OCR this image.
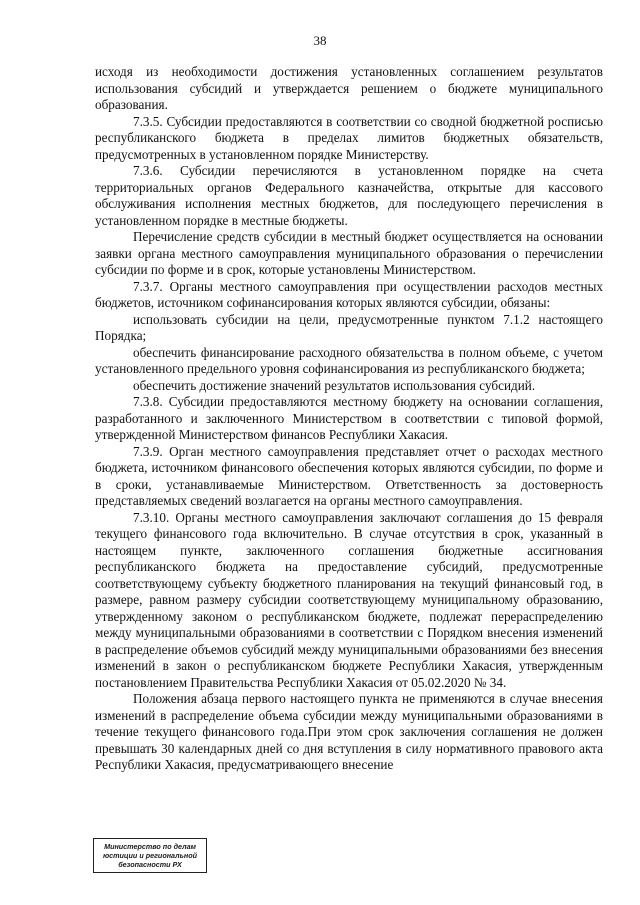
38

исходя из необходимости достижения установленных соглашением результатов использования субсидий и утверждается решением о бюджете муниципального образования.

7.3.5. Субсидии предоставляются в соответствии со сводной бюджетной росписью республиканского бюджета в пределах лимитов бюджетных обязательств, предусмотренных в установленном порядке Министерству.

7.3.6. Субсидии перечисляются в установленном порядке на счета территориальных органов Федерального казначейства, открытые для кассового обслуживания исполнения местных бюджетов, для последующего перечисления в установленном порядке в местные бюджеты.

Перечисление средств субсидии в местный бюджет осуществляется на основании заявки органа местного самоуправления муниципального образования о перечислении субсидии по форме и в срок, которые установлены Министерством.

7.3.7. Органы местного самоуправления при осуществлении расходов местных бюджетов, источником софинансирования которых являются субсидии, обязаны:

использовать субсидии на цели, предусмотренные пунктом 7.1.2 настоящего Порядка;

обеспечить финансирование расходного обязательства в полном объеме, с учетом установленного предельного уровня софинансирования из республиканского бюджета;

обеспечить достижение значений результатов использования субсидий.

7.3.8. Субсидии предоставляются местному бюджету на основании соглашения, разработанного и заключенного Министерством в соответствии с типовой формой, утвержденной Министерством финансов Республики Хакасия.

7.3.9. Орган местного самоуправления представляет отчет о расходах местного бюджета, источником финансового обеспечения которых являются субсидии, по форме и в сроки, устанавливаемые Министерством. Ответственность за достоверность представляемых сведений возлагается на органы местного самоуправления.

7.3.10. Органы местного самоуправления заключают соглашения до 15 февраля текущего финансового года включительно. В случае отсутствия в срок, указанный в настоящем пункте, заключенного соглашения бюджетные ассигнования республиканского бюджета на предоставление субсидий, предусмотренные соответствующему субъекту бюджетного планирования на текущий финансовый год, в размере, равном размеру субсидии соответствующему муниципальному образованию, утвержденному законом о республиканском бюджете, подлежат перераспределению между муниципальными образованиями в соответствии с Порядком внесения изменений в распределение объемов субсидий между муниципальными образованиями без внесения изменений в закон о республиканском бюджете Республики Хакасия, утвержденным постановлением Правительства Республики Хакасия от 05.02.2020 № 34.

Положения абзаца первого настоящего пункта не применяются в случае внесения изменений в распределение объема субсидии между муниципальными образованиями в течение текущего финансового года.При этом срок заключения соглашения не должен превышать 30 календарных дней со дня вступления в силу нормативного правового акта Республики Хакасия, предусматривающего внесение

Министерство по делам
юстиции и региональной
безопасности РХ
